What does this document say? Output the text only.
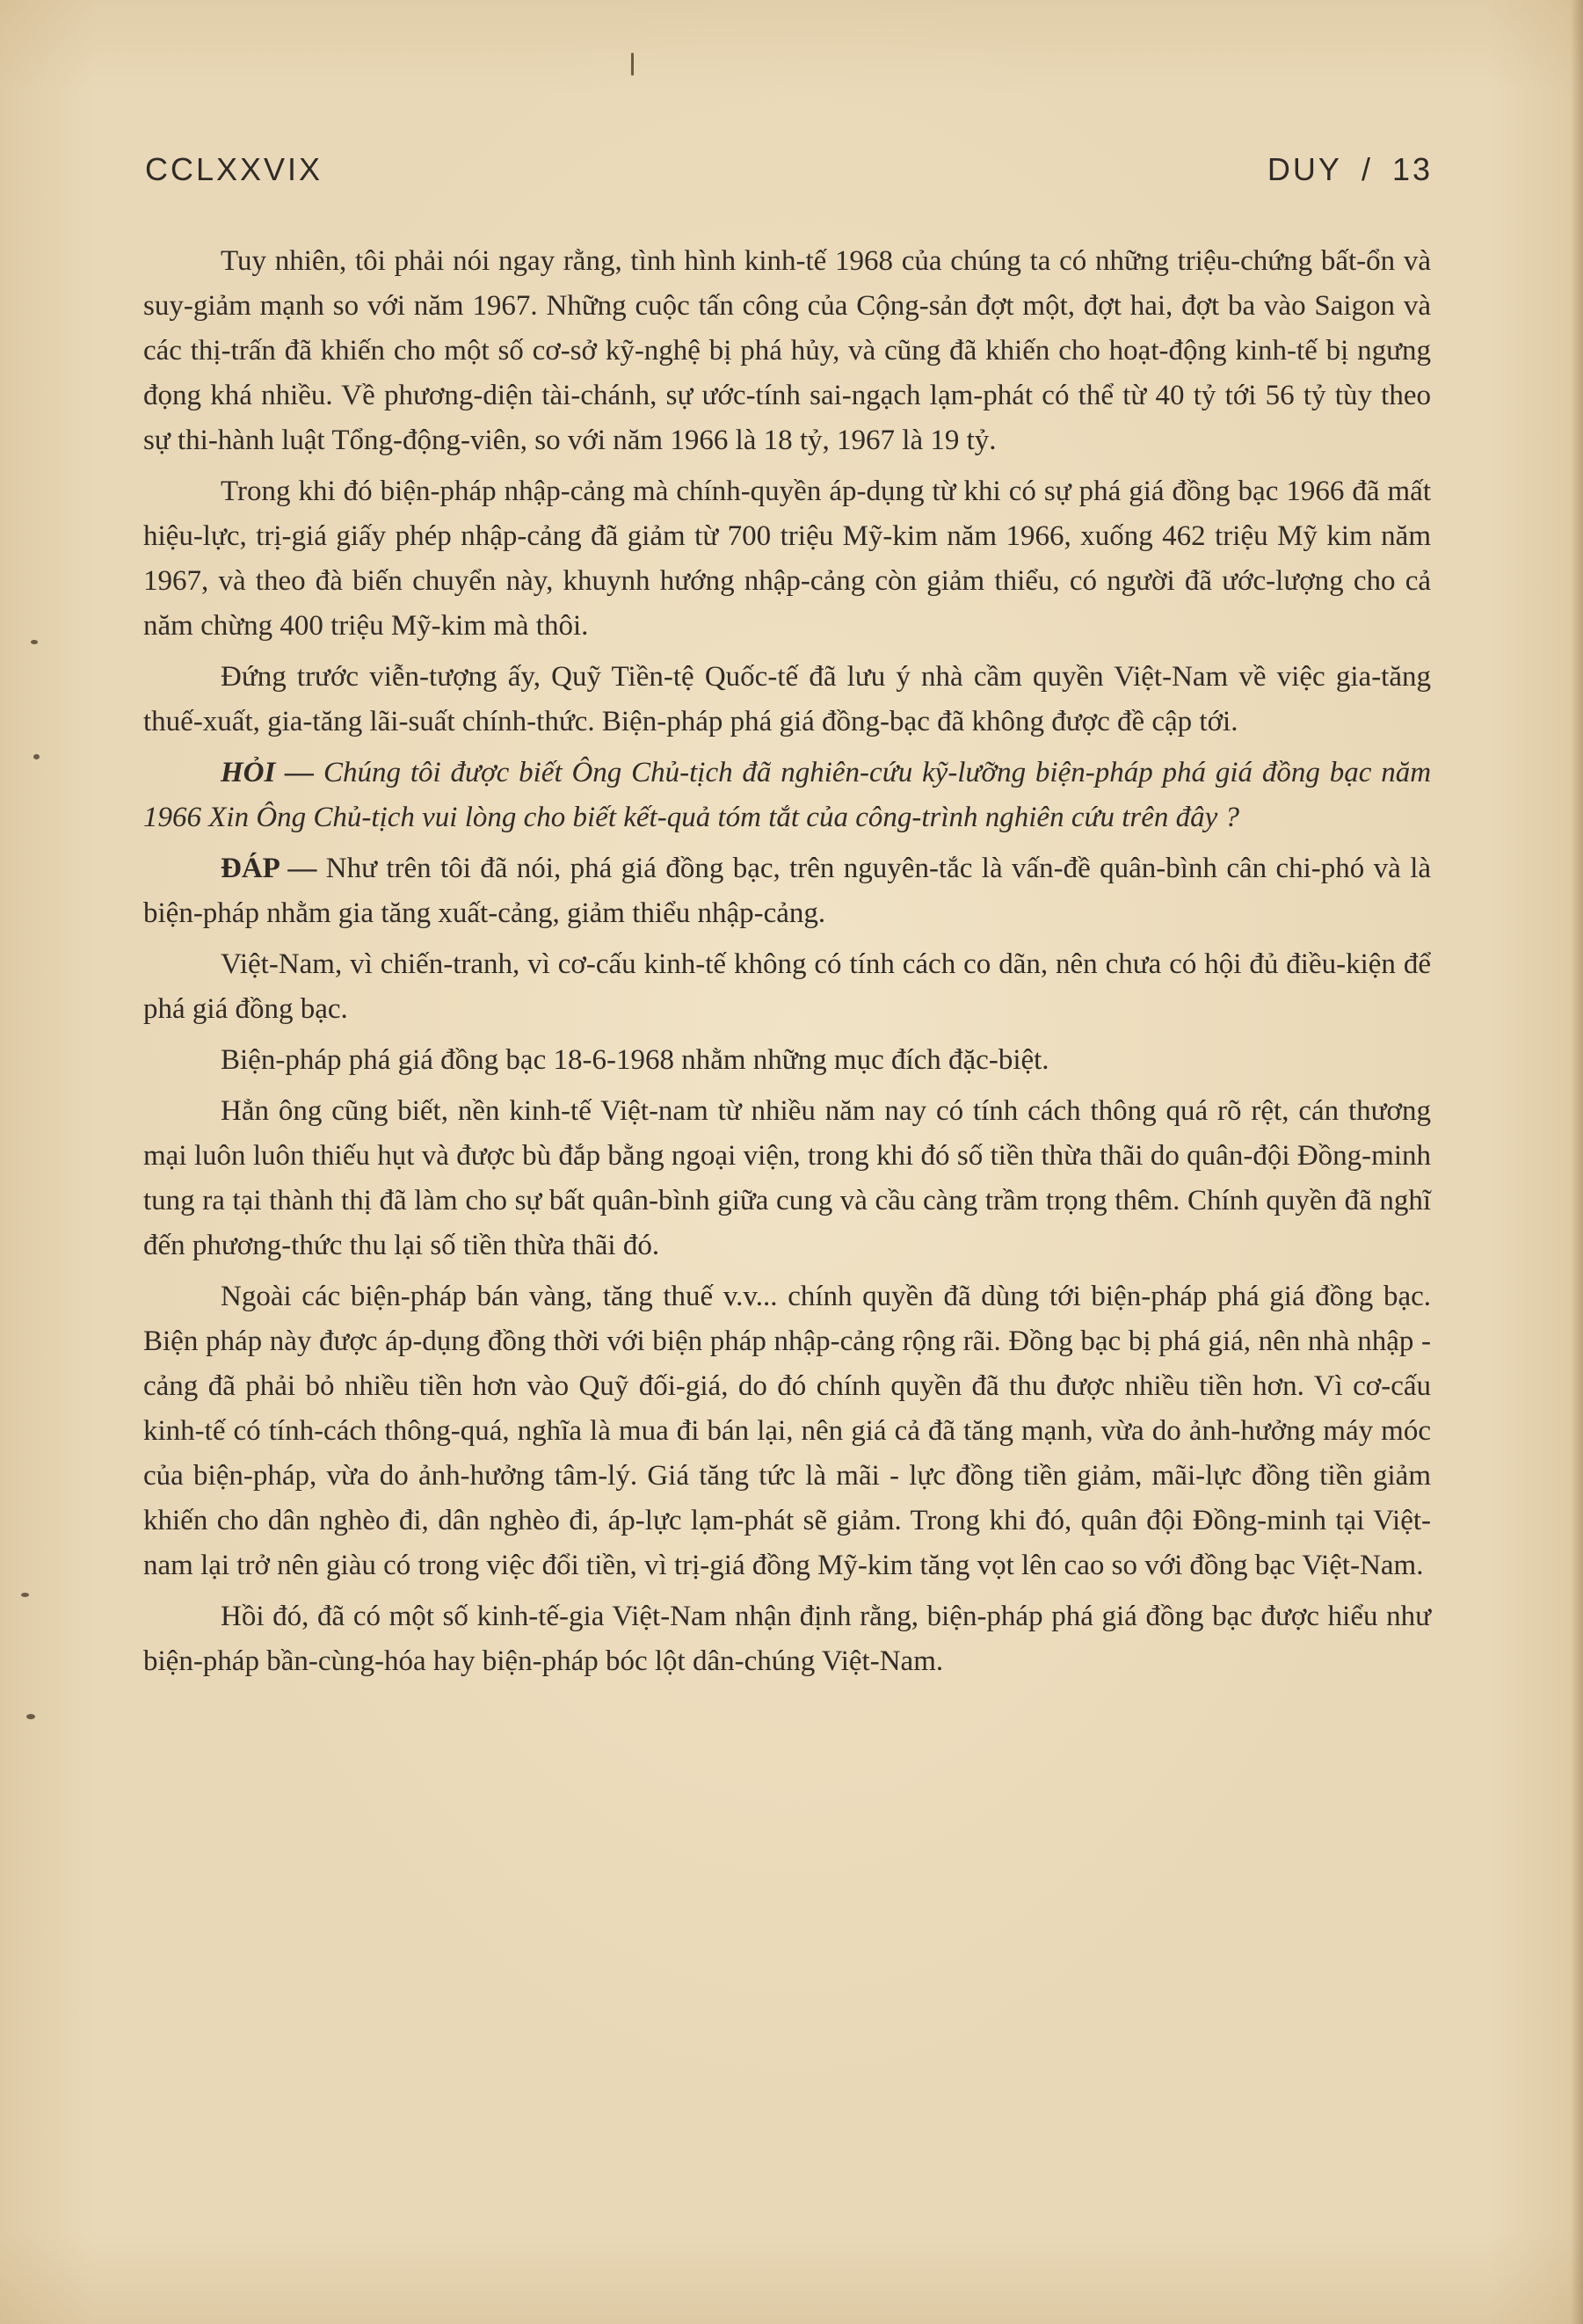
CCLXXVIX	DUY / 13

Tuy nhiên, tôi phải nói ngay rằng, tình hình kinh-tế 1968 của chúng ta có những triệu-chứng bất-ổn và suy-giảm mạnh so với năm 1967. Những cuộc tấn công của Cộng-sản đợt một, đợt hai, đợt ba vào Saigon và các thị-trấn đã khiến cho một số cơ-sở kỹ-nghệ bị phá hủy, và cũng đã khiến cho hoạt-động kinh-tế bị ngưng đọng khá nhiều. Về phương-diện tài-chánh, sự ước-tính sai-ngạch lạm-phát có thể từ 40 tỷ tới 56 tỷ tùy theo sự thi-hành luật Tổng-động-viên, so với năm 1966 là 18 tỷ, 1967 là 19 tỷ.

Trong khi đó biện-pháp nhập-cảng mà chính-quyền áp-dụng từ khi có sự phá giá đồng bạc 1966 đã mất hiệu-lực, trị-giá giấy phép nhập-cảng đã giảm từ 700 triệu Mỹ-kim năm 1966, xuống 462 triệu Mỹ kim năm 1967, và theo đà biến chuyển này, khuynh hướng nhập-cảng còn giảm thiểu, có người đã ước-lượng cho cả năm chừng 400 triệu Mỹ-kim mà thôi.

Đứng trước viễn-tượng ấy, Quỹ Tiền-tệ Quốc-tế đã lưu ý nhà cầm quyền Việt-Nam về việc gia-tăng thuế-xuất, gia-tăng lãi-suất chính-thức. Biện-pháp phá giá đồng-bạc đã không được đề cập tới.

HỎI — Chúng tôi được biết Ông Chủ-tịch đã nghiên-cứu kỹ-lưỡng biện-pháp phá giá đồng bạc năm 1966 Xin Ông Chủ-tịch vui lòng cho biết kết-quả tóm tắt của công-trình nghiên cứu trên đây ?

ĐÁP — Như trên tôi đã nói, phá giá đồng bạc, trên nguyên-tắc là vấn-đề quân-bình cân chi-phó và là biện-pháp nhằm gia tăng xuất-cảng, giảm thiểu nhập-cảng.

Việt-Nam, vì chiến-tranh, vì cơ-cấu kinh-tế không có tính cách co dãn, nên chưa có hội đủ điều-kiện để phá giá đồng bạc.

Biện-pháp phá giá đồng bạc 18-6-1968 nhằm những mục đích đặc-biệt.

Hẳn ông cũng biết, nền kinh-tế Việt-nam từ nhiều năm nay có tính cách thông quá rõ rệt, cán thương mại luôn luôn thiếu hụt và được bù đắp bằng ngoại viện, trong khi đó số tiền thừa thãi do quân-đội Đồng-minh tung ra tại thành thị đã làm cho sự bất quân-bình giữa cung và cầu càng trầm trọng thêm. Chính quyền đã nghĩ đến phương-thức thu lại số tiền thừa thãi đó.

Ngoài các biện-pháp bán vàng, tăng thuế v.v... chính quyền đã dùng tới biện-pháp phá giá đồng bạc. Biện pháp này được áp-dụng đồng thời với biện pháp nhập-cảng rộng rãi. Đồng bạc bị phá giá, nên nhà nhập - cảng đã phải bỏ nhiều tiền hơn vào Quỹ đối-giá, do đó chính quyền đã thu được nhiều tiền hơn. Vì cơ-cấu kinh-tế có tính-cách thông-quá, nghĩa là mua đi bán lại, nên giá cả đã tăng mạnh, vừa do ảnh-hưởng máy móc của biện-pháp, vừa do ảnh-hưởng tâm-lý. Giá tăng tức là mãi - lực đồng tiền giảm, mãi-lực đồng tiền giảm khiến cho dân nghèo đi, dân nghèo đi, áp-lực lạm-phát sẽ giảm. Trong khi đó, quân đội Đồng-minh tại Việt-nam lại trở nên giàu có trong việc đổi tiền, vì trị-giá đồng Mỹ-kim tăng vọt lên cao so với đồng bạc Việt-Nam.

Hồi đó, đã có một số kinh-tế-gia Việt-Nam nhận định rằng, biện-pháp phá giá đồng bạc được hiểu như biện-pháp bần-cùng-hóa hay biện-pháp bóc lột dân-chúng Việt-Nam.
